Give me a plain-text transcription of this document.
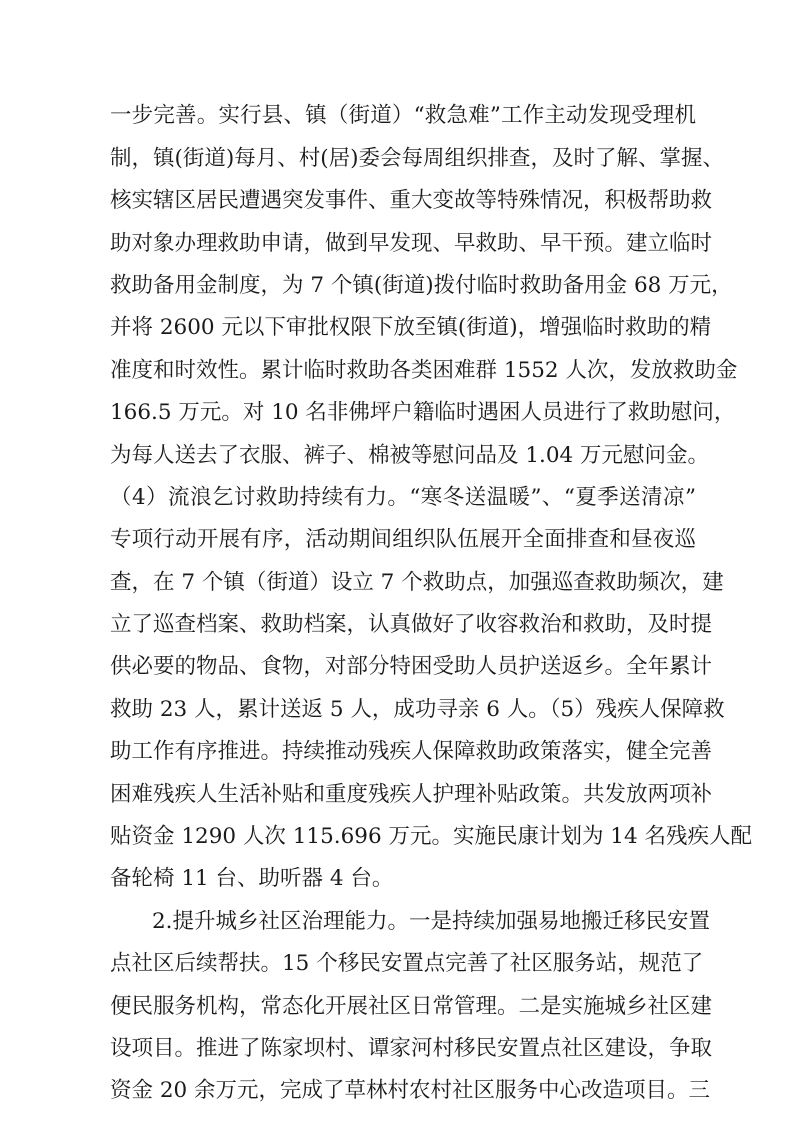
一步完善。实行县、镇（街道）“救急难”工作主动发现受理机
制，镇(街道)每月、村(居)委会每周组织排查，及时了解、掌握、
核实辖区居民遭遇突发事件、重大变故等特殊情况，积极帮助救
助对象办理救助申请，做到早发现、早救助、早干预。建立临时
救助备用金制度，为 7 个镇(街道)拨付临时救助备用金 68 万元，
并将 2600 元以下审批权限下放至镇(街道)，增强临时救助的精
准度和时效性。累计临时救助各类困难群 1552 人次，发放救助金
166.5 万元。对 10 名非佛坪户籍临时遇困人员进行了救助慰问，
为每人送去了衣服、裤子、棉被等慰问品及 1.04 万元慰问金。
（4）流浪乞讨救助持续有力。“寒冬送温暖”、“夏季送清凉”
专项行动开展有序，活动期间组织队伍展开全面排查和昼夜巡
查，在 7 个镇（街道）设立 7 个救助点，加强巡查救助频次，建
立了巡查档案、救助档案，认真做好了收容救治和救助，及时提
供必要的物品、食物，对部分特困受助人员护送返乡。全年累计
救助 23 人，累计送返 5 人，成功寻亲 6 人。（5）残疾人保障救
助工作有序推进。持续推动残疾人保障救助政策落实，健全完善
困难残疾人生活补贴和重度残疾人护理补贴政策。共发放两项补
贴资金 1290 人次 115.696 万元。实施民康计划为 14 名残疾人配
备轮椅 11 台、助听器 4 台。
2.提升城乡社区治理能力。一是持续加强易地搬迁移民安置
点社区后续帮扶。15 个移民安置点完善了社区服务站，规范了
便民服务机构，常态化开展社区日常管理。二是实施城乡社区建
设项目。推进了陈家坝村、谭家河村移民安置点社区建设，争取
资金 20 余万元，完成了草林村农村社区服务中心改造项目。三
